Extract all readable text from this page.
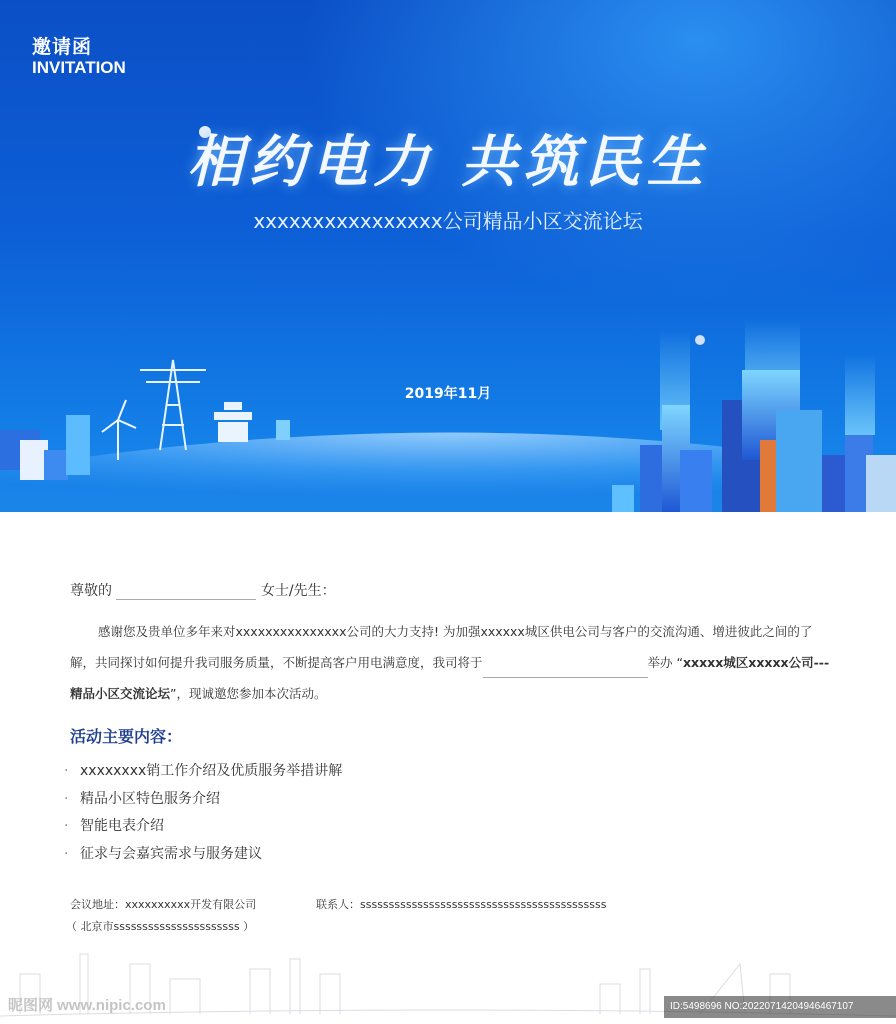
邀请函
INVITATION
相约电力 共筑民生
xxxxxxxxxxxxxxxx公司精品小区交流论坛
2019年11月
尊敬的	女士/先生：
感谢您及贵单位多年来对xxxxxxxxxxxxxxx公司的大力支持! 为加强xxxxxx城区供电公司与客户的交流沟通、增进彼此之间的了解，共同探讨如何提升我司服务质量，不断提高客户用电满意度，我司将于	举办 “xxxxx城区xxxxx公司---精品小区交流论坛”，现诚邀您参加本次活动。
活动主要内容：
· xxxxxxxx销工作介绍及优质服务举措讲解
· 精品小区特色服务介绍
· 智能电表介绍
· 征求与会嘉宾需求与服务建议
会议地址：xxxxxxxxxx开发有限公司
（ 北京市ssssssssssssssssssssss ）
联系人：sssssssssssssssssssssssssssssssssssssssssss
昵图网 www.nipic.com	ID:5498696 NO:20220714204946467107
